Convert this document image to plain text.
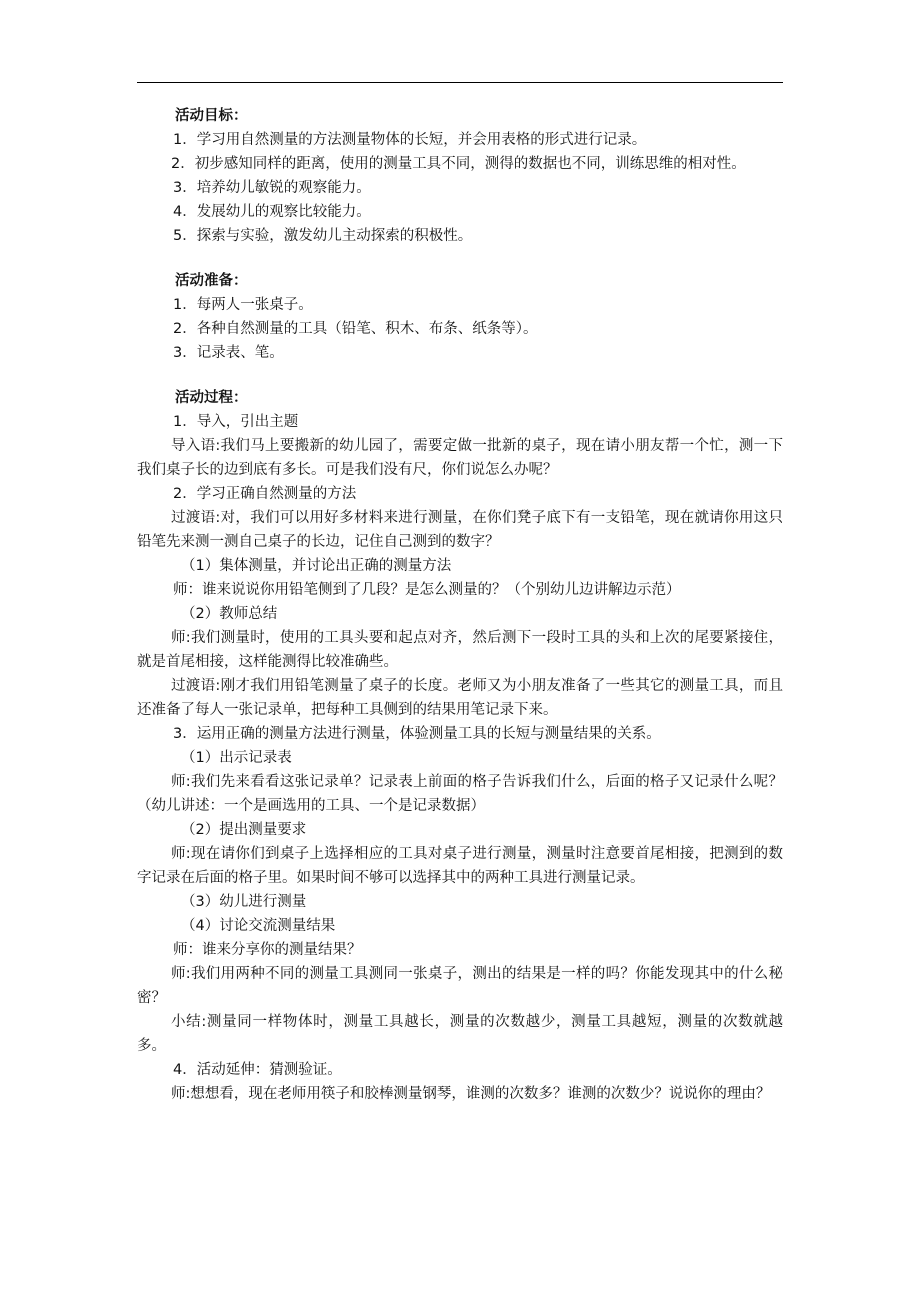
活动目标：
1．学习用自然测量的方法测量物体的长短，并会用表格的形式进行记录。
2．初步感知同样的距离，使用的测量工具不同，测得的数据也不同，训练思维的相对性。
3．培养幼儿敏锐的观察能力。
4．发展幼儿的观察比较能力。
5．探索与实验，激发幼儿主动探索的积极性。
活动准备：
1．每两人一张桌子。
2．各种自然测量的工具（铅笔、积木、布条、纸条等）。
3．记录表、笔。
活动过程：
1．导入，引出主题
导入语:我们马上要搬新的幼儿园了，需要定做一批新的桌子，现在请小朋友帮一个忙，测一下我们桌子长的边到底有多长。可是我们没有尺，你们说怎么办呢？
2．学习正确自然测量的方法
过渡语:对，我们可以用好多材料来进行测量，在你们凳子底下有一支铅笔，现在就请你用这只铅笔先来测一测自己桌子的长边，记住自己测到的数字？
（1）集体测量，并讨论出正确的测量方法
师：谁来说说你用铅笔侧到了几段？是怎么测量的？（个别幼儿边讲解边示范）
（2）教师总结
师:我们测量时，使用的工具头要和起点对齐，然后测下一段时工具的头和上次的尾要紧接住，就是首尾相接，这样能测得比较准确些。
过渡语:刚才我们用铅笔测量了桌子的长度。老师又为小朋友准备了一些其它的测量工具，而且还准备了每人一张记录单，把每种工具侧到的结果用笔记录下来。
3．运用正确的测量方法进行测量，体验测量工具的长短与测量结果的关系。
（1）出示记录表
师:我们先来看看这张记录单？记录表上前面的格子告诉我们什么，后面的格子又记录什么呢？（幼儿讲述：一个是画选用的工具、一个是记录数据）
（2）提出测量要求
师:现在请你们到桌子上选择相应的工具对桌子进行测量，测量时注意要首尾相接，把测到的数字记录在后面的格子里。如果时间不够可以选择其中的两种工具进行测量记录。
（3）幼儿进行测量
（4）讨论交流测量结果
师：谁来分享你的测量结果？
师:我们用两种不同的测量工具测同一张桌子，测出的结果是一样的吗？你能发现其中的什么秘密？
小结:测量同一样物体时，测量工具越长，测量的次数越少，测量工具越短，测量的次数就越多。
4．活动延伸：猜测验证。
师:想想看，现在老师用筷子和胶棒测量钢琴，谁测的次数多？谁测的次数少？说说你的理由？
